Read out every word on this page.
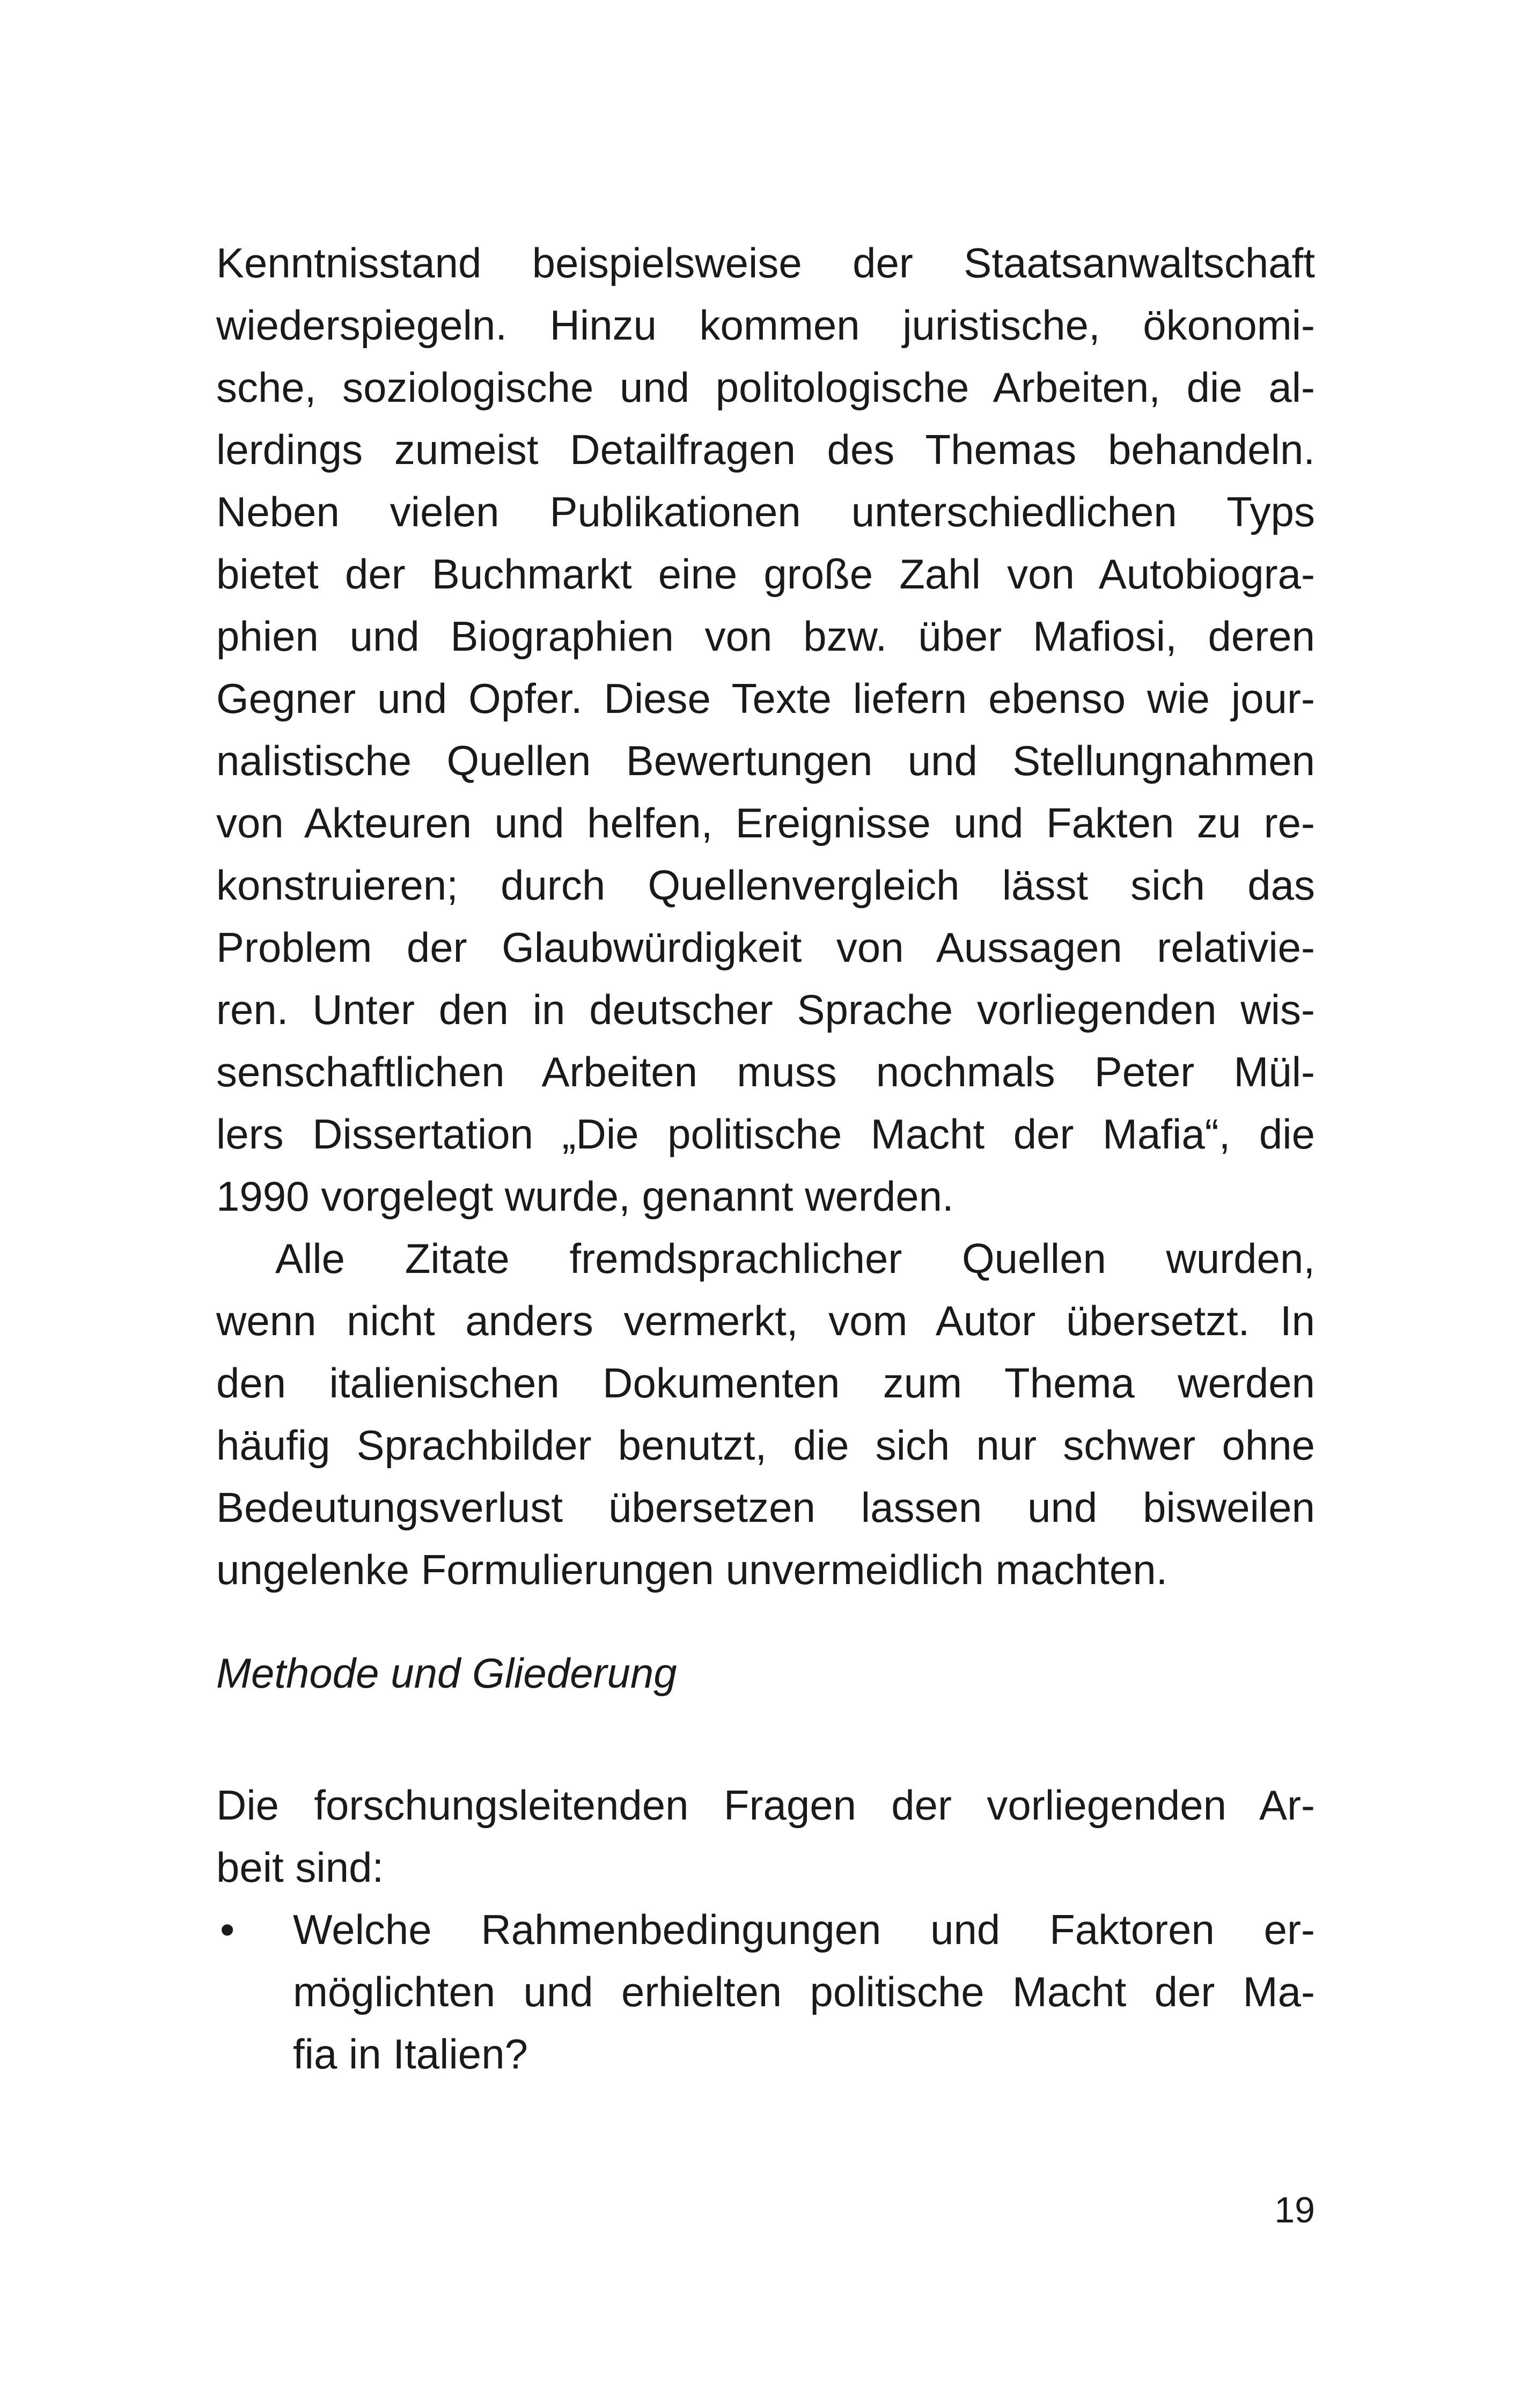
Kenntnisstand beispielsweise der Staatsanwaltschaft
wiederspiegeln. Hinzu kommen juristische, ökonomi-
sche, soziologische und politologische Arbeiten, die al-
lerdings zumeist Detailfragen des Themas behandeln.
Neben vielen Publikationen unterschiedlichen Typs
bietet der Buchmarkt eine große Zahl von Autobiogra-
phien und Biographien von bzw. über Mafiosi, deren
Gegner und Opfer. Diese Texte liefern ebenso wie jour-
nalistische Quellen Bewertungen und Stellungnahmen
von Akteuren und helfen, Ereignisse und Fakten zu re-
konstruieren; durch Quellenvergleich lässt sich das
Problem der Glaubwürdigkeit von Aussagen relativie-
ren. Unter den in deutscher Sprache vorliegenden wis-
senschaftlichen Arbeiten muss nochmals Peter Mül-
lers Dissertation „Die politische Macht der Mafia“, die
1990 vorgelegt wurde, genannt werden.
Alle Zitate fremdsprachlicher Quellen wurden,
wenn nicht anders vermerkt, vom Autor übersetzt. In
den italienischen Dokumenten zum Thema werden
häufig Sprachbilder benutzt, die sich nur schwer ohne
Bedeutungsverlust übersetzen lassen und bisweilen
ungelenke Formulierungen unvermeidlich machten.
Methode und Gliederung
Die forschungsleitenden Fragen der vorliegenden Ar-
beit sind:
• Welche Rahmenbedingungen und Faktoren er-
möglichten und erhielten politische Macht der Ma-
fia in Italien?
19
